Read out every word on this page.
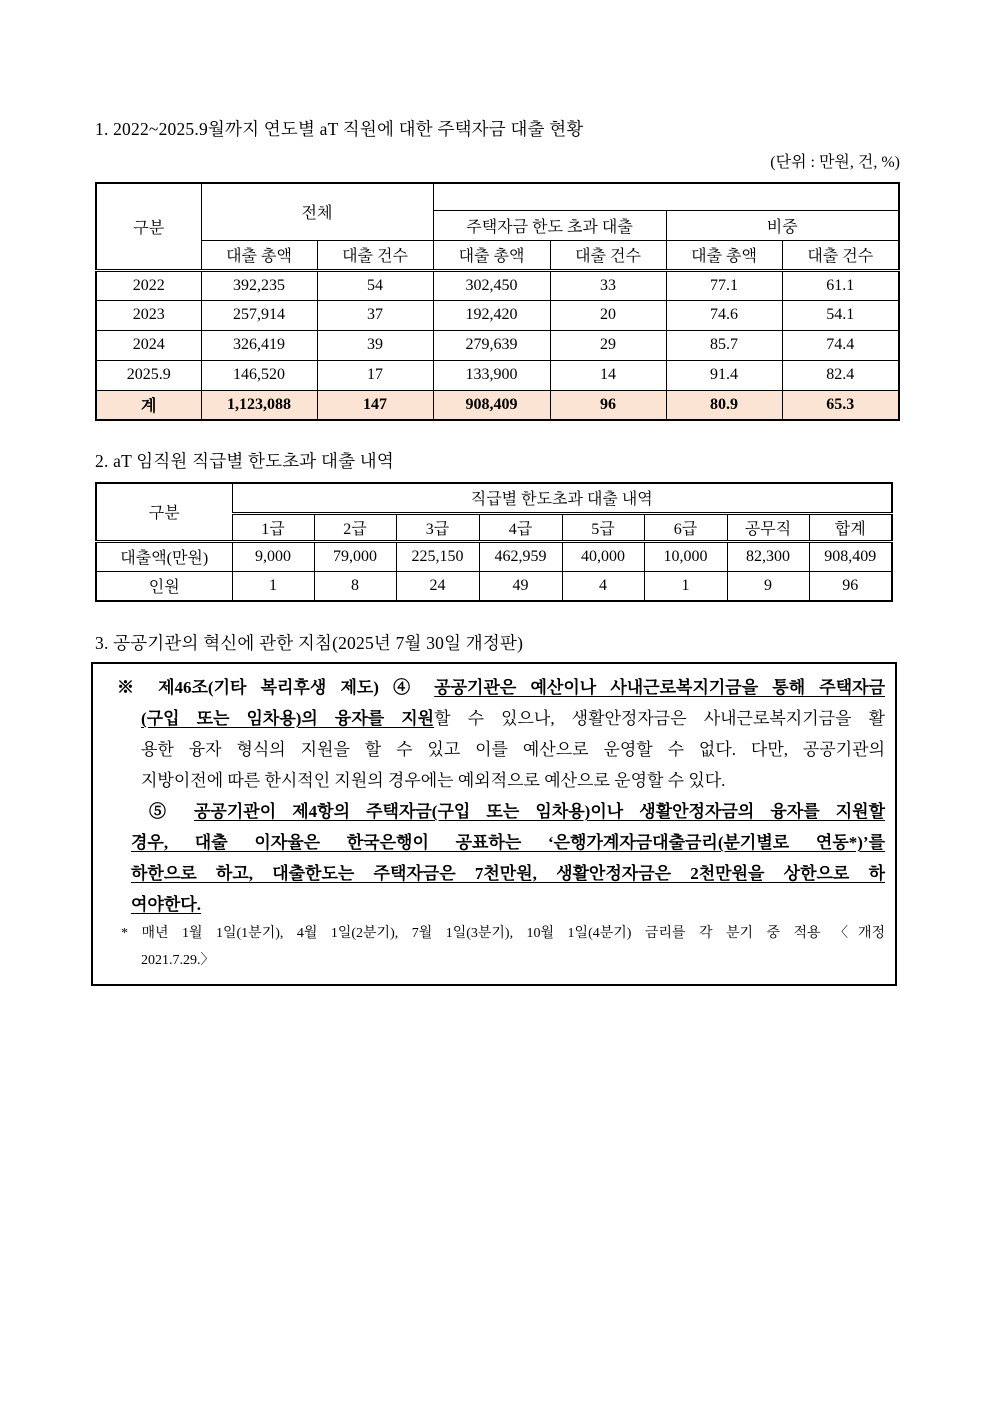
1. 2022~2025.9월까지 연도별 aT 직원에 대한 주택자금 대출 현황
(단위 : 만원, 건, %)
구분	전체					
			주택자금 한도 초과 대출		비중	
	대출 총액	대출 건수	대출 총액	대출 건수	대출 총액	대출 건수
2022	392,235	54	302,450	33	77.1	61.1
2023	257,914	37	192,420	20	74.6	54.1
2024	326,419	39	279,639	29	85.7	74.4
2025.9	146,520	17	133,900	14	91.4	82.4
계	1,123,088	147	908,409	96	80.9	65.3
2. aT 임직원 직급별 한도초과 대출 내역
구분	직급별 한도초과 대출 내역							
	1급	2급	3급	4급	5급	6급	공무직	합계
대출액(만원)	9,000	79,000	225,150	462,959	40,000	10,000	82,300	908,409
인원	1	8	24	49	4	1	9	96
3. 공공기관의 혁신에 관한 지침(2025년 7월 30일 개정판)
※ 제46조(기타 복리후생 제도) ④ 공공기관은 예산이나 사내근로복지기금을 통해 주택자금
(구입 또는 임차용)의 융자를 지원할 수 있으나, 생활안정자금은 사내근로복지기금을 활
용한 융자 형식의 지원을 할 수 있고 이를 예산으로 운영할 수 없다. 다만, 공공기관의
지방이전에 따른 한시적인 지원의 경우에는 예외적으로 예산으로 운영할 수 있다.
⑤ 공공기관이 제4항의 주택자금(구입 또는 임차용)이나 생활안정자금의 융자를 지원할
경우, 대출 이자율은 한국은행이 공표하는 ‘은행가계자금대출금리(분기별로 연동*)’를
하한으로 하고, 대출한도는 주택자금은 7천만원, 생활안정자금은 2천만원을 상한으로 하
여야한다.
* 매년 1월 1일(1분기), 4월 1일(2분기), 7월 1일(3분기), 10월 1일(4분기) 금리를 각 분기 중 적용 〈개정
2021.7.29.〉
